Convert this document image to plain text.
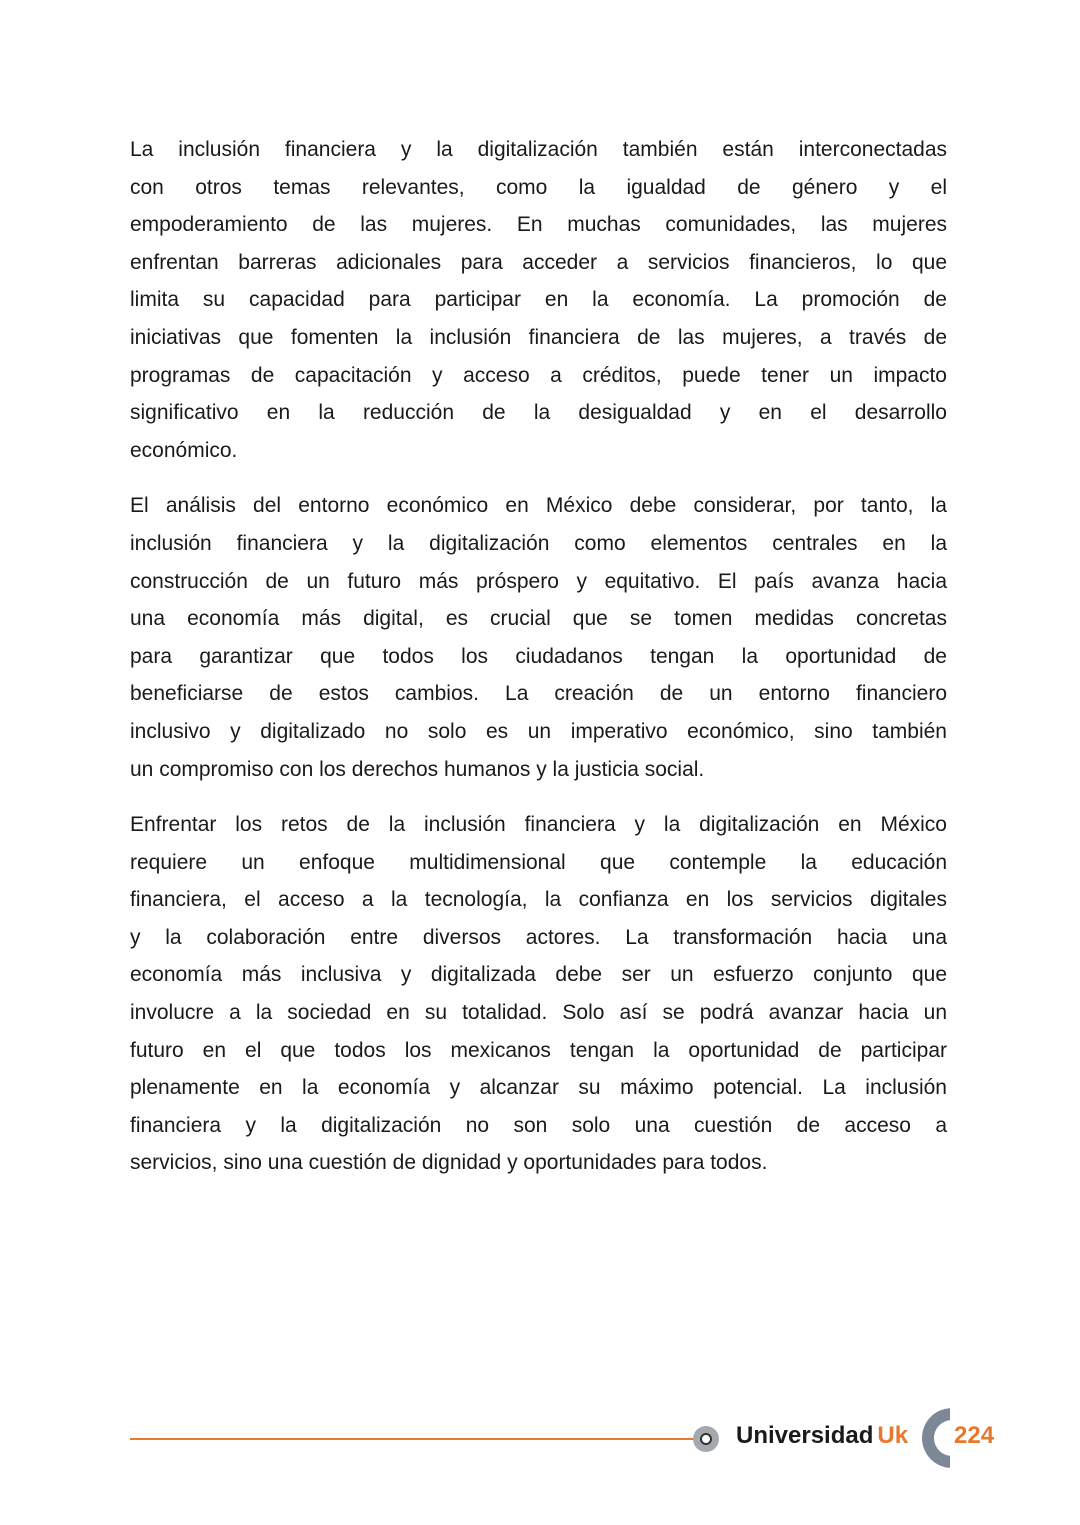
La inclusión financiera y la digitalización también están interconectadas
con otros temas relevantes, como la igualdad de género y el
empoderamiento de las mujeres. En muchas comunidades, las mujeres
enfrentan barreras adicionales para acceder a servicios financieros, lo que
limita su capacidad para participar en la economía. La promoción de
iniciativas que fomenten la inclusión financiera de las mujeres, a través de
programas de capacitación y acceso a créditos, puede tener un impacto
significativo en la reducción de la desigualdad y en el desarrollo
económico.
El análisis del entorno económico en México debe considerar, por tanto, la
inclusión financiera y la digitalización como elementos centrales en la
construcción de un futuro más próspero y equitativo. El país avanza hacia
una economía más digital, es crucial que se tomen medidas concretas
para garantizar que todos los ciudadanos tengan la oportunidad de
beneficiarse de estos cambios. La creación de un entorno financiero
inclusivo y digitalizado no solo es un imperativo económico, sino también
un compromiso con los derechos humanos y la justicia social.
Enfrentar los retos de la inclusión financiera y la digitalización en México
requiere un enfoque multidimensional que contemple la educación
financiera, el acceso a la tecnología, la confianza en los servicios digitales
y la colaboración entre diversos actores. La transformación hacia una
economía más inclusiva y digitalizada debe ser un esfuerzo conjunto que
involucre a la sociedad en su totalidad. Solo así se podrá avanzar hacia un
futuro en el que todos los mexicanos tengan la oportunidad de participar
plenamente en la economía y alcanzar su máximo potencial. La inclusión
financiera y la digitalización no son solo una cuestión de acceso a
servicios, sino una cuestión de dignidad y oportunidades para todos.
Universidad Uk 224
